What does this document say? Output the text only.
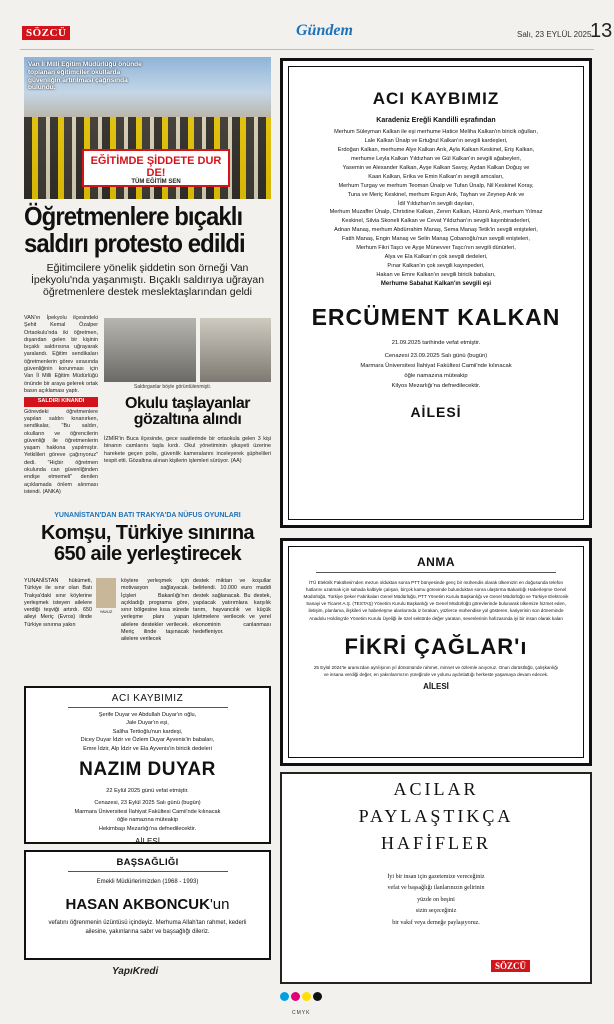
SÖZCÜ	Gündem	Salı, 23 EYLÜL 2025
13
EĞİTİMDE ŞİDDETE DUR DE!
TÜM EĞİTİM SEN
Van İl Milli Eğitim Müdürlüğü önünde toplanan eğitimciler okullarda güvenliğin artırılması çağrısında bulundu.
Öğretmenlere bıçaklı saldırı protesto edildi
Eğitimcilere yönelik şiddetin son örneği Van İpekyolu'nda yaşanmıştı. Bıçaklı saldırıya uğrayan öğretmenlere destek meslektaşlarından geldi
VAN'ın İpekyolu ilçesindeki Şehit Kemal Özalper Ortaokulu'nda iki öğretmen, dışarıdan gelen bir kişinin bıçaklı saldırısına uğrayarak yaralandı. Eğitim sendikaları öğretmenlerin görev sırasında güvenliğinin korunması için Van İl Milli Eğitim Müdürlüğü önünde bir araya gelerek ortak basın açıklaması yaptı.
SALDIRI KINANDI
Görevdeki öğretmenlere yapılan saldırı kınanırken, sendikalar, "Bu saldırı, okulların ve öğrencilerin güvenliği ile öğretmenlerin yaşam hakkına yapılmıştır. Yetkilileri göreve çağırıyoruz" dedi. "Hiçbir öğretmen okulunda can güvenliğinden endişe etmemeli" denilen açıklamada önlem alınması istendi. (ANKA)
Saldırganlar böyle görüntülenmişti.
Okulu taşlayanlar gözaltına alındı
İZMİR'in Buca ilçesinde, gece saatlerinde bir ortaokula gelen 3 kişi binanın camlarını taşla kırdı. Okul yönetiminin şikayeti üzerine harekete geçen polis, güvenlik kameralarını inceleyerek şüphelileri tespit etti. Gözaltına alınan kişilerin işlemleri sürüyor. (AA)
YUNANİSTAN'DAN BATI TRAKYA'DA NÜFUS OYUNLARI
Komşu, Türkiye sınırına 650 aile yerleştirecek
YUNANİSTAN hükümeti, Türkiye ile sınır olan Batı Trakya'daki sınır köylerine yerleşmek isteyen ailelere verdiği teşviği artırdı. 650 aileyi Meriç (Evros) ilinde Türkiye sınırına yakın
YAVUZ
köylere yerleşmek için motivasyon sağlayacak. İçişleri Bakanlığı'nın açıkladığı programa göre, sınır bölgesine kısa sürede yerleşme planı yapan ailelere destekler verilecek. Meriç ilinde taşınacak ailelere verilecek
destek miktarı ve koşullar belirlendi. 10.000 euro maddi destek sağlanacak. Bu destek, yapılacak yatırımlara karşılık tarım, hayvancılık ve küçük işletmelere verilecek ve yerel ekonominin canlanması hedefleniyor.
ACI KAYBIMIZ
Şerife Duyar ve Abdullah Duyar'ın oğlu,
Jale Duyar'ın eşi,
Saliha Tertioğlu'nun kardeşi,
Dicey Duyar İdzir ve Özlem Duyar Ayvenis'in babaları,
Emre İdzir, Alp İdzir ve Ela Ayvenis'in biricik dedeleri
NAZIM DUYAR
22 Eylül 2025 günü vefat etmiştir.
Cenazesi, 23 Eylül 2025 Salı günü (bugün)
Marmara Üniversitesi İlahiyat Fakültesi Camii'nde kılınacak
öğle namazına müteakip
Hekimbaşı Mezarlığı'na defnedilecektir.
AİLESİ
BAŞSAĞLIĞI
Emekli Müdürlerimizden (1968 - 1993)
HASAN AKBONCUK'un
vefatını öğrenmenin üzüntüsü içindeyiz. Merhuma Allah'tan rahmet, kederli ailesine, yakınlarına sabır ve başsağlığı dileriz.
YapıKredi
ACI KAYBIMIZ
Karadeniz Ereğli Kandilli eşrafından
Merhum Süleyman Kalkan ile eşi merhume Hatice Meliha Kalkan'ın biricik oğulları,
Lale Kalkan Ünalp ve Ertuğrul Kalkan'ın sevgili kardeşleri,
Erdoğan Kalkan, merhume Alye Kalkan Arık, Ayla Kalkan Keskinel, Eriş Kalkan,
merhume Leyla Kalkan Yıldızhan ve Gül Kalkan'ın sevgili ağabeyleri,
Yasemin ve Alexander Kalkan, Ayşe Kalkan Savoy, Aydan Kalkan Doğuş ve
Kaan Kalkan, Erika ve Emin Kalkan'ın sevgili amcaları,
Merhum Turgay ve merhum Teoman Ünalp ve Tufan Ünalp, Nil Keskinel Koray,
Tuna ve Meriç Keskinel, merhum Ergun Arık, Tayhan ve Zeynep Arık ve
İdil Yıldızhan'ın sevgili dayıları,
Merhum Muzaffer Ünalp, Christine Kalkan, Zeren Kalkan, Hüsnü Arık, merhum Yılmaz
Keskinel, Silvia Skoneli Kalkan ve Cevat Yıldızhan'ın sevgili kayınbiraderleri,
Adnan Manaş, merhum Abdürrahim Manaş, Sema Manaş Tetik'in sevgili enişteleri,
Fatih Manaş, Engin Manaş ve Selin Manaş Çobanoğlu'nun sevgili enişteleri,
Merhum Fikri Taşcı ve Ayşe Münevver Taşcı'nın sevgili dünürleri,
Alya ve Ela Kalkan'ın çok sevgili dedeleri,
Pınar Kalkan'ın çok sevgili kayınpederi,
Hakan ve Emre Kalkan'ın sevgili biricik babaları,
Merhume Sabahat Kalkan'ın sevgili eşi
ERCÜMENT KALKAN
21.09.2025 tarihinde vefat etmiştir.
Cenazesi 23.09.2025 Salı günü (bugün)
Marmara Üniversitesi İlahiyat Fakültesi Camii'nde kılınacak
öğle namazına müteakip
Kilyos Mezarlığı'na defnedilecektir.
AİLESİ
ANMA
İTÜ Elektrik Fakültesi'nden mezun olduktan sonra PTT bünyesinde genç bir mühendis olarak ülkemizin en doğusunda telefon hatlarını uzatmak için sahada kalbiyle çalışan, birçok kamu görevinde bulunduktan sonra ulaştırma Bakanlığı Haberleşme Genel Müdürlüğü, Türkiye Şeker Fabrikaları Genel Müdürlüğü, PTT Yönetim Kurulu Başkanlığı ve Genel Müdürlüğü ve Türkiye Elektronik Sanayi ve Ticaret A.Ş. (TESTAŞ) Yönetim Kurulu Başkanlığı ve Genel Müdürlüğü görevlerinde bulunarak ülkemize hizmet eden, iletişim, planlama, ilişkileri ve haberleşme alanlarında iz bırakan, yüzlerce mühendise yol gösteren, kariyerinin son döneminde Anadolu Holding'de Yönetim Kurulu Üyeliği ile özel sektörde değer yaratan, sevenlerinin hafızasında iyi bir insan olarak kalan
FİKRİ ÇAĞLAR'ı
25 Eylül 2024'te aramızdan ayrılışının yıl dönümünde rahmet, minnet ve özlemle anıyoruz. Onun dürüstlüğü, çalışkanlığı ve insana verdiği değer, en yakınlarımızın yüreğinde ve yolunu aydınlattığı herkeste yaşamaya devam edecek.
AİLESİ
ACILAR
PAYLAŞTIKÇA
HAFİFLER
İyi bir insan için gazetemize vereceğiniz
vefat ve başsağlığı ilanlarınızın gelirinin
yüzde on beşini
sizin seçeceğiniz
bir vakıf veya derneğe paylaşıyoruz.
SÖZCÜ
CMYK
